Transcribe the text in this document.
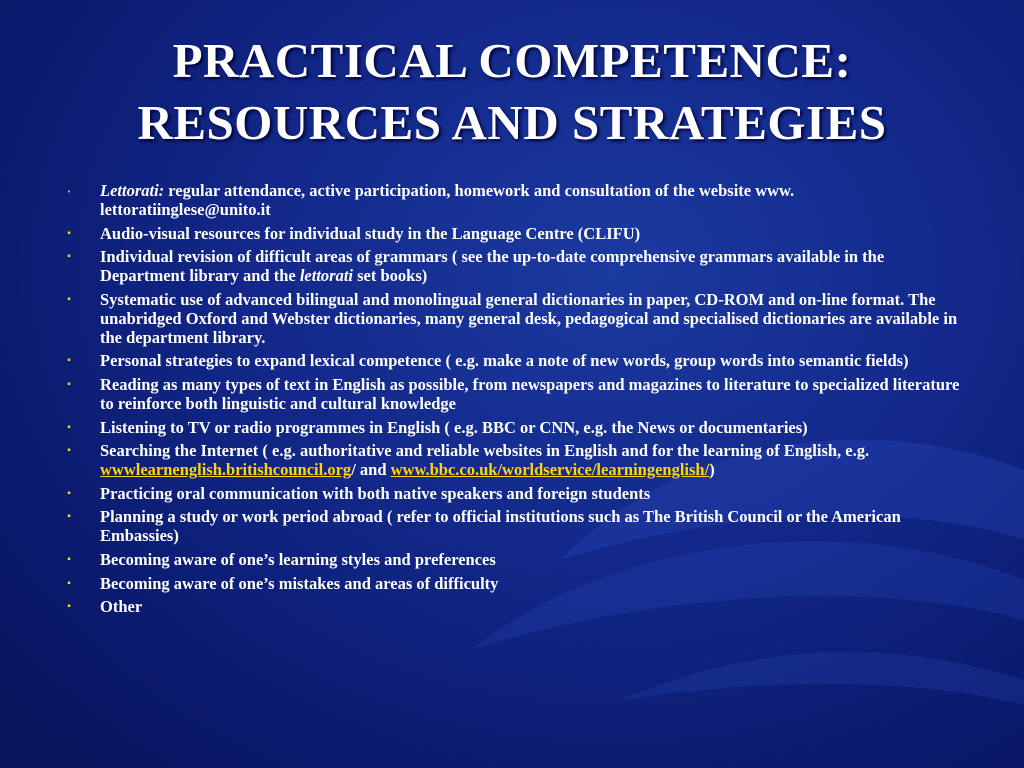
PRACTICAL COMPETENCE:
RESOURCES AND STRATEGIES
•	Lettorati: regular attendance, active participation, homework and consultation of the website www. lettoratiinglese@unito.it
▪	Audio-visual resources for individual study in the Language Centre (CLIFU)
▪	Individual revision of difficult areas of grammars ( see the up-to-date comprehensive grammars available in the Department library and the lettorati set books)
▪	Systematic use of advanced bilingual and monolingual general dictionaries in paper, CD-ROM and on-line format. The unabridged Oxford and Webster dictionaries, many general desk, pedagogical and specialised dictionaries are available in the department library.
▪	Personal strategies to expand lexical competence ( e.g. make a note of new words, group words into semantic fields)
▪	Reading as many types of text in English as possible, from newspapers and magazines to literature to specialized literature to reinforce both linguistic and cultural knowledge
▪	Listening to TV or radio programmes in English ( e.g. BBC or CNN, e.g. the News or documentaries)
▪	Searching the Internet ( e.g. authoritative and reliable websites in English and for the learning of English, e.g. wwwlearnenglish.britishcouncil.org/ and www.bbc.co.uk/worldservice/learningenglish/)
▪	Practicing oral communication with both native speakers and foreign students
▪	Planning a study or work period abroad ( refer to official institutions such as The British Council or the American Embassies)
▪	Becoming aware of one’s learning styles and preferences
▪	Becoming aware of one’s mistakes and areas of difficulty
▪	Other
